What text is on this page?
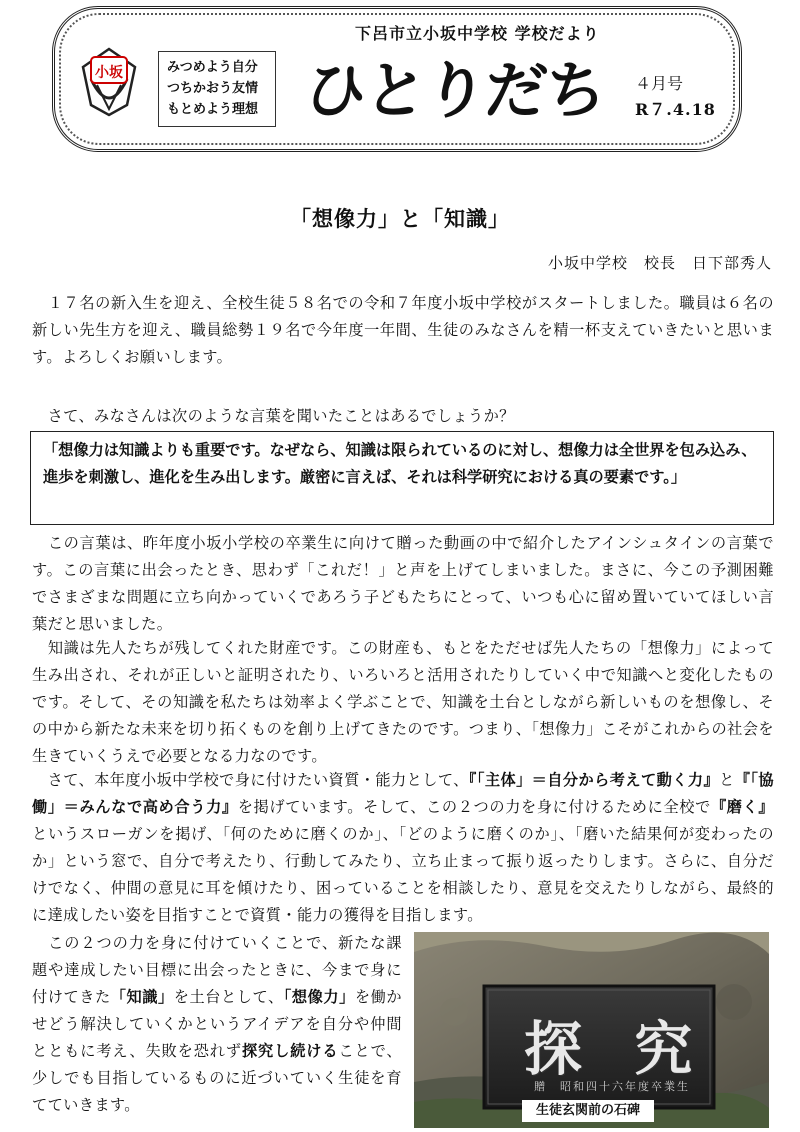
下呂市立小坂中学校 学校だより
小坂	みつめよう自分
つちかおう友情
もとめよう理想 ひとりだち ４月号
R７.4.18
「想像力」と「知識」
小坂中学校　校長　日下部秀人

　１７名の新入生を迎え、全校生徒５８名での令和７年度小坂中学校がスタートしました。職員は６名の新しい先生方を迎え、職員総勢１９名で今年度一年間、生徒のみなさんを精一杯支えていきたいと思います。よろしくお願いします。

　さて、みなさんは次のような言葉を聞いたことはあるでしょうか？

「想像力は知識よりも重要です。なぜなら、知識は限られているのに対し、想像力は全世界を包み込み、進歩を刺激し、進化を生み出します。厳密に言えば、それは科学研究における真の要素です。」

　この言葉は、昨年度小坂小学校の卒業生に向けて贈った動画の中で紹介したアインシュタインの言葉です。この言葉に出会ったとき、思わず「これだ！」と声を上げてしまいました。まさに、今この予測困難でさまざまな問題に立ち向かっていくであろう子どもたちにとって、いつも心に留め置いていてほしい言葉だと思いました。

　知識は先人たちが残してくれた財産です。この財産も、もとをただせば先人たちの「想像力」によって生み出され、それが正しいと証明されたり、いろいろと活用されたりしていく中で知識へと変化したものです。そして、その知識を私たちは効率よく学ぶことで、知識を土台としながら新しいものを想像し、その中から新たな未来を切り拓くものを創り上げてきたのです。つまり、「想像力」こそがこれからの社会を生きていくうえで必要となる力なのです。

　さて、本年度小坂中学校で身に付けたい資質・能力として、『「主体」＝自分から考えて動く力』と『「協働」＝みんなで高め合う力』を掲げています。そして、この２つの力を身に付けるために全校で『磨く』というスローガンを掲げ、「何のために磨くのか」、「どのように磨くのか」、「磨いた結果何が変わったのか」という窓で、自分で考えたり、行動してみたり、立ち止まって振り返ったりします。さらに、自分だけでなく、仲間の意見に耳を傾けたり、困っていることを相談したり、意見を交えたりしながら、最終的に達成したい姿を目指すことで資質・能力の獲得を目指します。

　この２つの力を身に付けていくことで、新たな課題や達成したい目標に出会ったときに、今まで身に付けてきた「知識」を土台として、「想像力」を働かせどう解決していくかというアイデアを自分や仲間とともに考え、失敗を恐れず探究し続けることで、少しでも目指しているものに近づいていく生徒を育てていきます。

探 究
贈　昭和四十六年度卒業生
生徒玄関前の石碑
